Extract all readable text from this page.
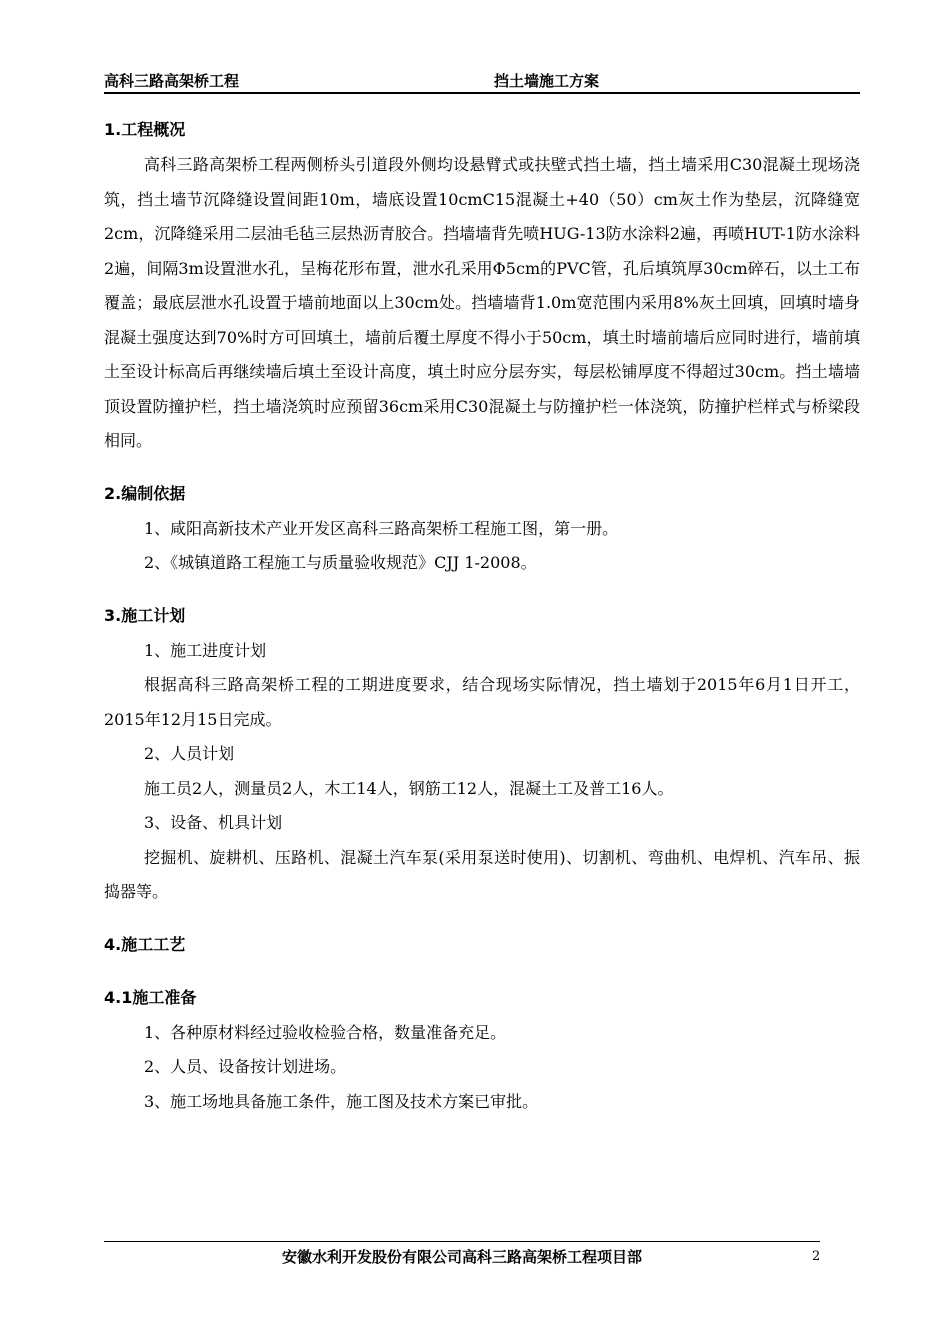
高科三路高架桥工程	挡土墙施工方案

1.工程概况

高科三路高架桥工程两侧桥头引道段外侧均设悬臂式或扶壁式挡土墙，挡土墙采用C30混凝土现场浇筑，挡土墙节沉降缝设置间距10m，墙底设置10cmC15混凝土+40（50）cm灰土作为垫层，沉降缝宽2cm，沉降缝采用二层油毛毡三层热沥青胶合。挡墙墙背先喷HUG-13防水涂料2遍，再喷HUT-1防水涂料2遍，间隔3m设置泄水孔，呈梅花形布置，泄水孔采用Φ5cm的PVC管，孔后填筑厚30cm碎石，以土工布覆盖；最底层泄水孔设置于墙前地面以上30cm处。挡墙墙背1.0m宽范围内采用8%灰土回填，回填时墙身混凝土强度达到70%时方可回填土，墙前后覆土厚度不得小于50cm，填土时墙前墙后应同时进行，墙前填土至设计标高后再继续墙后填土至设计高度，填土时应分层夯实，每层松铺厚度不得超过30cm。挡土墙墙顶设置防撞护栏，挡土墙浇筑时应预留36cm采用C30混凝土与防撞护栏一体浇筑，防撞护栏样式与桥梁段相同。

2.编制依据

1、咸阳高新技术产业开发区高科三路高架桥工程施工图，第一册。

2、《城镇道路工程施工与质量验收规范》CJJ 1-2008。

3.施工计划

1、施工进度计划

根据高科三路高架桥工程的工期进度要求，结合现场实际情况，挡土墙划于2015年6月1日开工，2015年12月15日完成。

2、人员计划

施工员2人，测量员2人，木工14人，钢筋工12人，混凝土工及普工16人。

3、设备、机具计划

挖掘机、旋耕机、压路机、混凝土汽车泵(采用泵送时使用)、切割机、弯曲机、电焊机、汽车吊、振捣器等。

4.施工工艺

4.1施工准备

1、各种原材料经过验收检验合格，数量准备充足。

2、人员、设备按计划进场。

3、施工场地具备施工条件，施工图及技术方案已审批。

安徽水利开发股份有限公司高科三路高架桥工程项目部	2
